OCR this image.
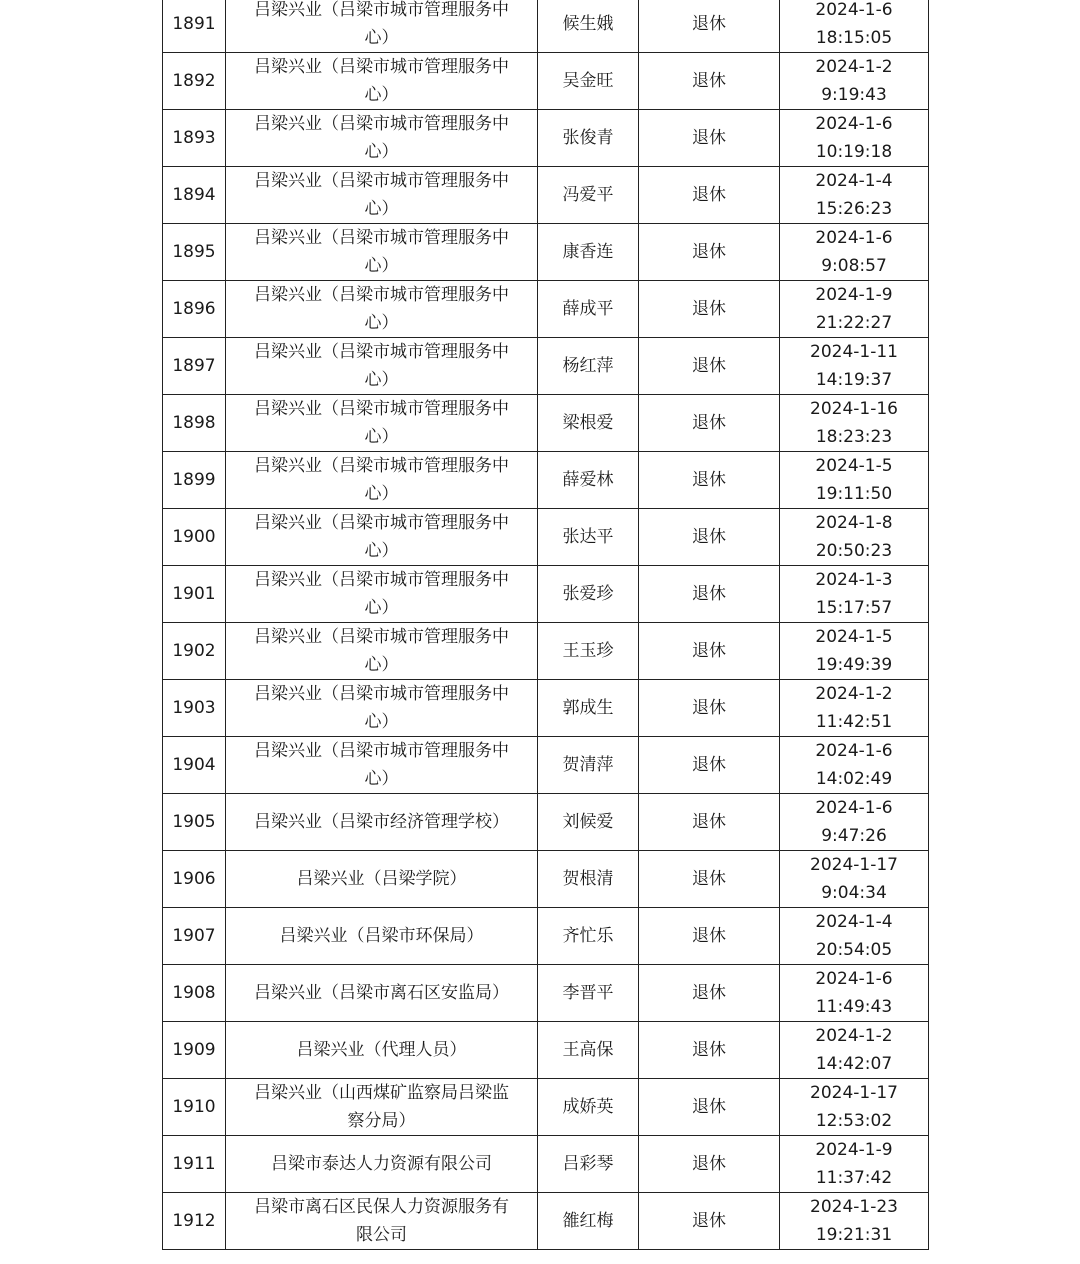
1891	吕梁兴业（吕梁市城市管理服务中
心）	候生娥	退休	2024-1-6
18:15:05

1892	吕梁兴业（吕梁市城市管理服务中
心）	吴金旺	退休	2024-1-2
9:19:43

1893	吕梁兴业（吕梁市城市管理服务中
心）	张俊青	退休	2024-1-6
10:19:18

1894	吕梁兴业（吕梁市城市管理服务中
心）	冯爱平	退休	2024-1-4
15:26:23

1895	吕梁兴业（吕梁市城市管理服务中
心）	康香连	退休	2024-1-6
9:08:57

1896	吕梁兴业（吕梁市城市管理服务中
心）	薛成平	退休	2024-1-9
21:22:27

1897	吕梁兴业（吕梁市城市管理服务中
心）	杨红萍	退休	2024-1-11
14:19:37

1898	吕梁兴业（吕梁市城市管理服务中
心）	梁根爱	退休	2024-1-16
18:23:23

1899	吕梁兴业（吕梁市城市管理服务中
心）	薛爱林	退休	2024-1-5
19:11:50

1900	吕梁兴业（吕梁市城市管理服务中
心）	张达平	退休	2024-1-8
20:50:23

1901	吕梁兴业（吕梁市城市管理服务中
心）	张爱珍	退休	2024-1-3
15:17:57

1902	吕梁兴业（吕梁市城市管理服务中
心）	王玉珍	退休	2024-1-5
19:49:39

1903	吕梁兴业（吕梁市城市管理服务中
心）	郭成生	退休	2024-1-2
11:42:51

1904	吕梁兴业（吕梁市城市管理服务中
心）	贺清萍	退休	2024-1-6
14:02:49

1905	吕梁兴业（吕梁市经济管理学校）	刘候爱	退休	2024-1-6
9:47:26

1906	吕梁兴业（吕梁学院）	贺根清	退休	2024-1-17
9:04:34

1907	吕梁兴业（吕梁市环保局）	齐忙乐	退休	2024-1-4
20:54:05

1908	吕梁兴业（吕梁市离石区安监局）	李晋平	退休	2024-1-6
11:49:43

1909	吕梁兴业（代理人员）	王高保	退休	2024-1-2
14:42:07

1910	吕梁兴业（山西煤矿监察局吕梁监
察分局）	成娇英	退休	2024-1-17
12:53:02

1911	吕梁市泰达人力资源有限公司	吕彩琴	退休	2024-1-9
11:37:42

1912	吕梁市离石区民保人力资源服务有
限公司	雒红梅	退休	2024-1-23
19:21:31
